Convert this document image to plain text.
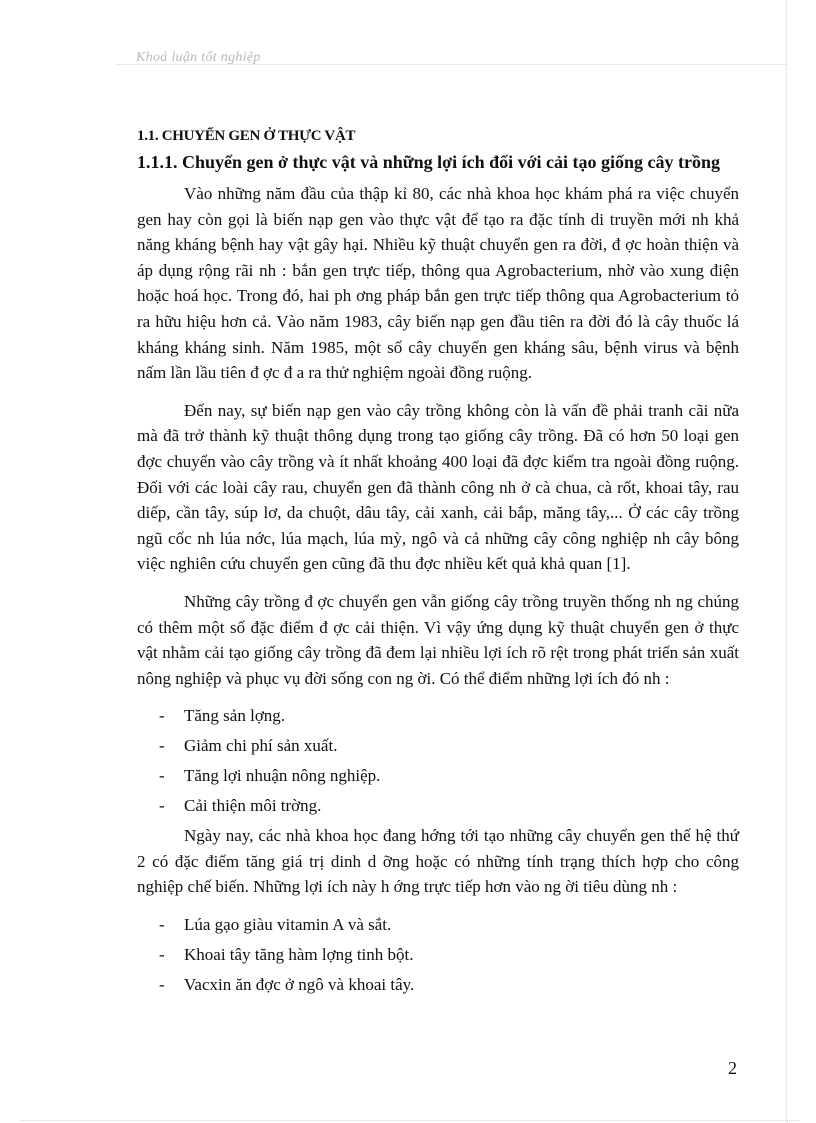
Khoá luận tốt nghiệp
1.1. CHUYỂN GEN Ở THỰC VẬT
1.1.1. Chuyển gen ở thực vật và những lợi ích đối với cải tạo giống cây trồng

Vào những năm đầu của thập kỉ 80, các nhà khoa học khám phá ra việc chuyển gen hay còn gọi là biến nạp gen vào thực vật để tạo ra đặc tính di truyền mới nh khả năng kháng bệnh hay vật gây hại. Nhiều kỹ thuật chuyển gen ra đời, đ ợc hoàn thiện và áp dụng rộng rãi nh : bắn gen trực tiếp, thông qua Agrobacterium, nhờ vào xung điện hoặc hoá học. Trong đó, hai ph ơng pháp bắn gen trực tiếp thông qua Agrobacterium tỏ ra hữu hiệu hơn cả. Vào năm 1983, cây biến nạp gen đầu tiên ra đời đó là cây thuốc lá kháng kháng sinh. Năm 1985, một số cây chuyển gen kháng sâu, bệnh virus và bệnh nấm lần lầu tiên đ ợc đ a ra thử nghiệm ngoài đồng ruộng.

Đến nay, sự biến nạp gen vào cây trồng không còn là vấn đề phải tranh cãi nữa mà đã trở thành kỹ thuật thông dụng trong tạo giống cây trồng. Đã có hơn 50 loại gen đợc chuyển vào cây trồng và ít nhất khoảng 400 loại đã đợc kiểm tra ngoài đồng ruộng. Đối với các loài cây rau, chuyển gen đã thành công nh ở cà chua, cà rốt, khoai tây, rau diếp, cần tây, súp lơ, da chuột, dâu tây, cải xanh, cải bắp, măng tây,... Ở các cây trồng ngũ cốc nh lúa nớc, lúa mạch, lúa mỳ, ngô và cả những cây công nghiệp nh cây bông việc nghiên cứu chuyển gen cũng đã thu đợc nhiều kết quả khả quan [1].

Những cây trồng đ ợc chuyển gen vẫn giống cây trồng truyền thống nh ng chúng có thêm một số đặc điểm đ ợc cải thiện. Vì vậy ứng dụng kỹ thuật chuyển gen ở thực vật nhằm cải tạo giống cây trồng đã đem lại nhiều lợi ích rõ rệt trong phát triển sản xuất nông nghiệp và phục vụ đời sống con ng ời. Có thể điểm những lợi ích đó nh :

- Tăng sản lợng.
- Giảm chi phí sản xuất.
- Tăng lợi nhuận nông nghiệp.
- Cải thiện môi trờng.

Ngày nay, các nhà khoa học đang hớng tới tạo những cây chuyển gen thế hệ thứ 2 có đặc điểm tăng giá trị dinh d ỡng hoặc có những tính trạng thích hợp cho công nghiệp chế biến. Những lợi ích này h ớng trực tiếp hơn vào ng ời tiêu dùng nh :

- Lúa gạo giàu vitamin A và sắt.
- Khoai tây tăng hàm lợng tinh bột.
- Vacxin ăn đợc ở ngô và khoai tây.
2
